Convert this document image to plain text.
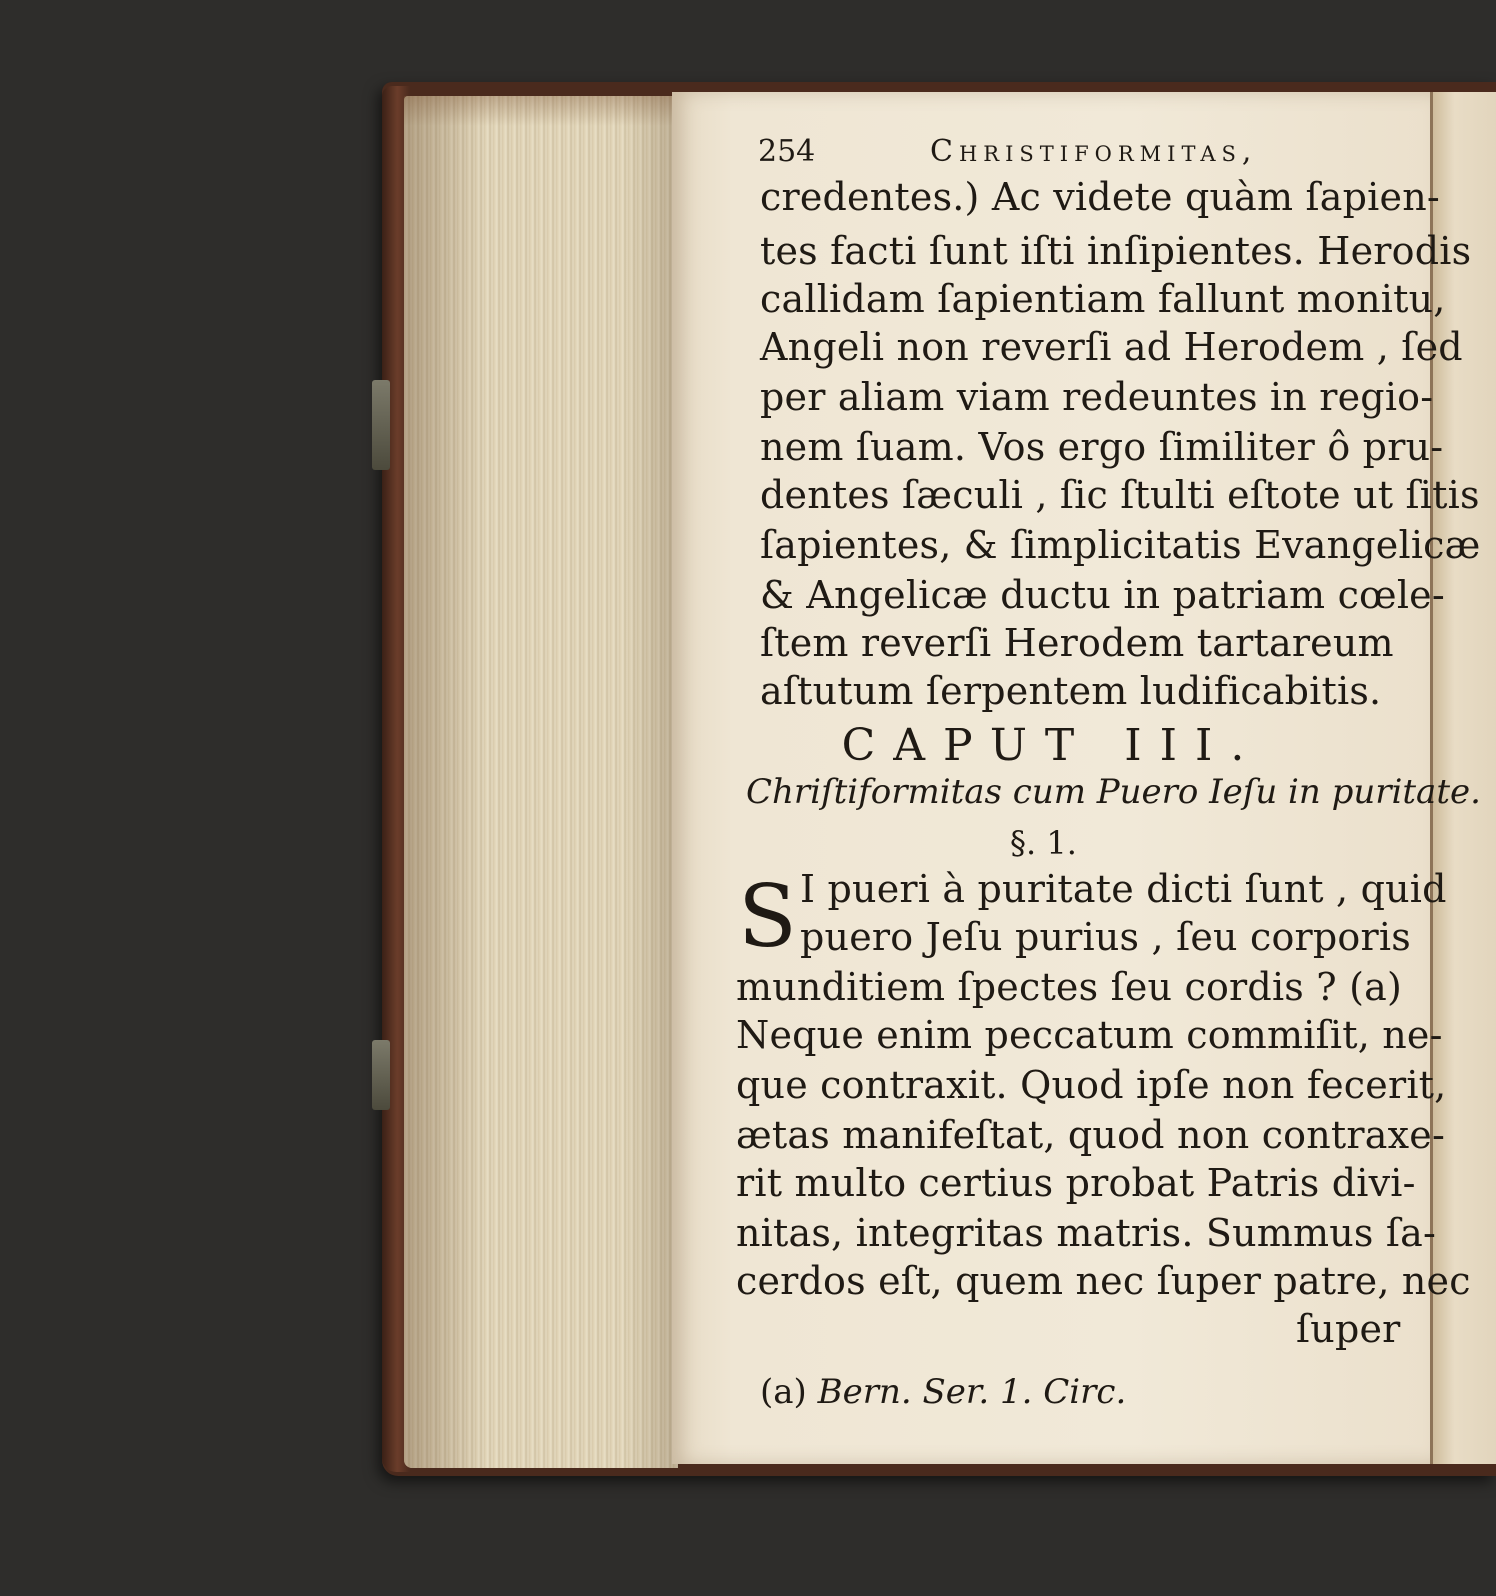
254	Christiformitas,
credentes.) Ac videte quàm ſapien-
tes facti ſunt iſti inſipientes. Herodis
callidam ſapientiam fallunt monitu,
Angeli non reverſi ad Herodem , ſed
per aliam viam redeuntes in regio-
nem ſuam. Vos ergo ſimiliter ô pru-
dentes ſæculi , ſic ſtulti eſtote ut ſitis
ſapientes, & ſimplicitatis Evangelicæ
& Angelicæ ductu in patriam cœle-
ſtem reverſi Herodem tartareum
aſtutum ſerpentem ludificabitis.
CAPUT III.
Chriſtiformitas cum Puero Ieſu in puritate.
§. 1.
S I pueri à puritate dicti ſunt , quid
puero Jeſu purius , ſeu corporis
munditiem ſpectes ſeu cordis ? (a)
Neque enim peccatum commiſit, ne-
que contraxit. Quod ipſe non fecerit,
ætas manifeſtat, quod non contraxe-
rit multo certius probat Patris divi-
nitas, integritas matris. Summus ſa-
cerdos eſt, quem nec ſuper patre, nec
ſuper
(a) Bern. Ser. 1. Circ.
